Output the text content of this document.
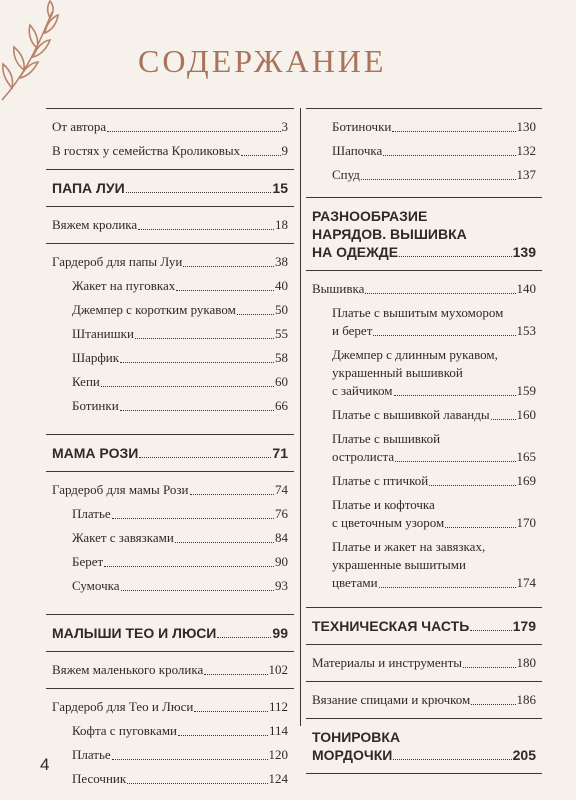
содержание
От автора	3
В гостях у семейства Кроликовых	9
ПАПА ЛУИ	15
Вяжем кролика	18
Гардероб для папы Луи	38
Жакет на пуговках	40
Джемпер с коротким рукавом	50
Штанишки	55
Шарфик	58
Кепи	60
Ботинки	66
МАМА РОЗИ	71
Гардероб для мамы Рози	74
Платье	76
Жакет с завязками	84
Берет	90
Сумочка	93
МАЛЫШИ ТЕО И ЛЮСИ	99
Вяжем маленького кролика	102
Гардероб для Тео и Люси	112
Кофта с пуговками	114
Платье	120
Песочник	124
Ботиночки	130
Шапочка	132
Спуд	137
РАЗНООБРАЗИЕ
НАРЯДОВ. ВЫШИВКА
НА ОДЕЖДЕ	139
Вышивка	140
Платье с вышитым мухомором
и берет	153
Джемпер с длинным рукавом,
украшенный вышивкой
с зайчиком	159
Платье с вышивкой лаванды 160
Платье с вышивкой
остролиста	165
Платье с птичкой	169
Платье и кофточка
с цветочным узором	170
Платье и жакет на завязках,
украшенные вышитыми
цветами	174
ТЕХНИЧЕСКАЯ ЧАСТЬ	179
Материалы и инструменты	180
Вязание спицами и крючком	186
ТОНИРОВКА
МОРДОЧКИ	205
4
